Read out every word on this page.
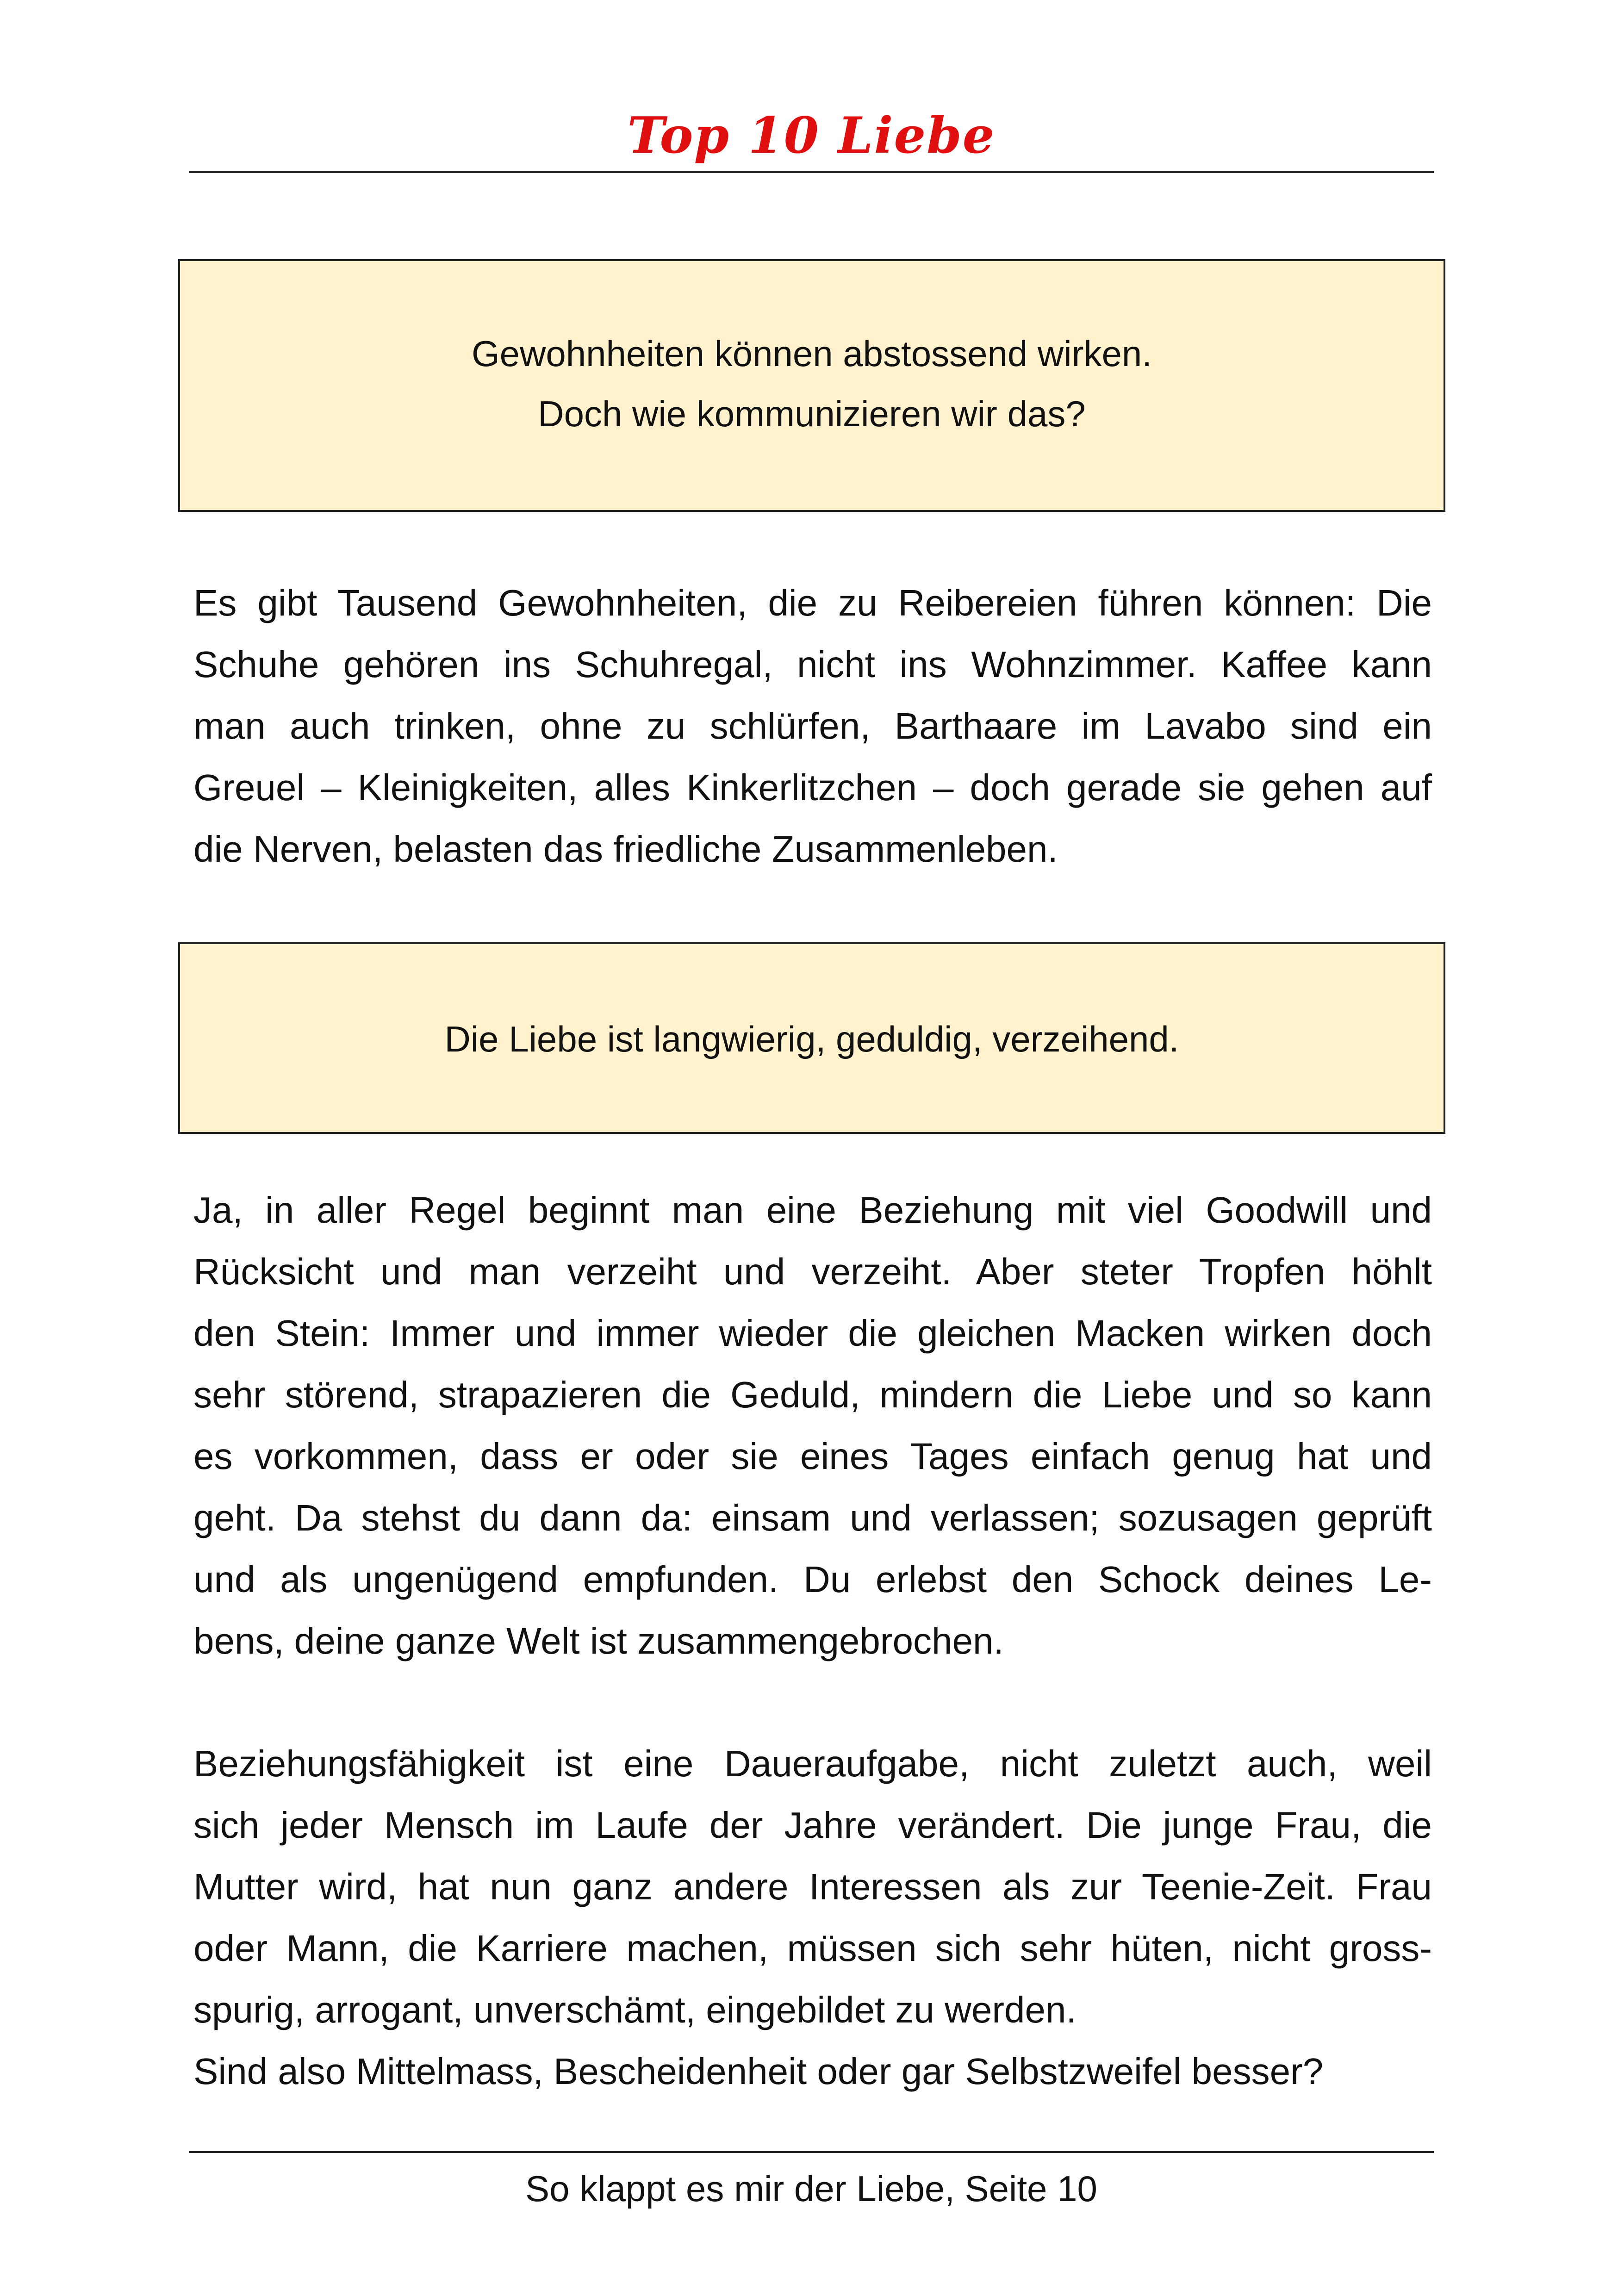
Top 10 Liebe
Gewohnheiten können abstossend wirken.
Doch wie kommunizieren wir das?
Es gibt Tausend Gewohnheiten, die zu Reibereien führen können: Die
Schuhe gehören ins Schuhregal, nicht ins Wohnzimmer. Kaffee kann
man auch trinken, ohne zu schlürfen, Barthaare im Lavabo sind ein
Greuel – Kleinigkeiten, alles Kinkerlitzchen – doch gerade sie gehen auf
die Nerven, belasten das friedliche Zusammenleben.
Die Liebe ist langwierig, geduldig, verzeihend.
Ja, in aller Regel beginnt man eine Beziehung mit viel Goodwill und
Rücksicht und man verzeiht und verzeiht. Aber steter Tropfen höhlt
den Stein: Immer und immer wieder die gleichen Macken wirken doch
sehr störend, strapazieren die Geduld, mindern die Liebe und so kann
es vorkommen, dass er oder sie eines Tages einfach genug hat und
geht. Da stehst du dann da: einsam und verlassen; sozusagen geprüft
und als ungenügend empfunden. Du erlebst den Schock deines Le-
bens, deine ganze Welt ist zusammengebrochen.
Beziehungsfähigkeit ist eine Daueraufgabe, nicht zuletzt auch, weil
sich jeder Mensch im Laufe der Jahre verändert. Die junge Frau, die
Mutter wird, hat nun ganz andere Interessen als zur Teenie-Zeit. Frau
oder Mann, die Karriere machen, müssen sich sehr hüten, nicht gross-
spurig, arrogant, unverschämt, eingebildet zu werden.
Sind also Mittelmass, Bescheidenheit oder gar Selbstzweifel besser?
So klappt es mir der Liebe, Seite 10
